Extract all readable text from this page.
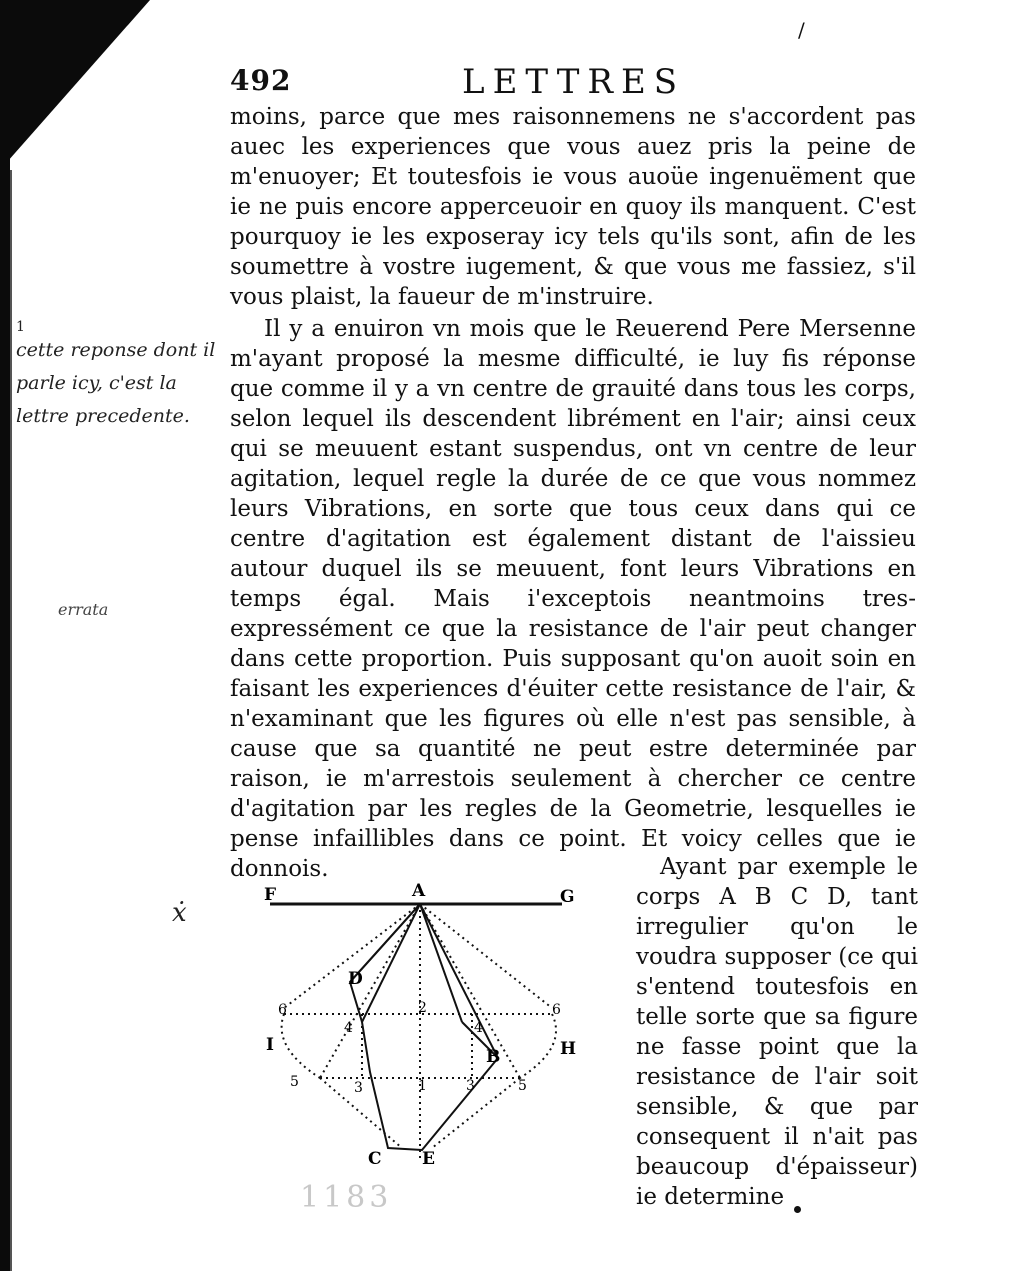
492	LETTRES
/

moins, parce que mes raisonnemens ne s'accordent pas auec les experiences que vous auez pris la peine de m'enuoyer; Et toutesfois ie vous auoüe ingenuëment que ie ne puis encore apperceuoir en quoy ils manquent. C'est pourquoy ie les exposeray icy tels qu'ils sont, afin de les soumettre à vostre iugement, & que vous me fassiez, s'il vous plaist, la faueur de m'instruire.

Il y a enuiron vn mois que le Reuerend Pere Mersenne m'ayant proposé la mesme difficulté, ie luy fis réponse que comme il y a vn centre de grauité dans tous les corps, selon lequel ils descendent librément en l'air; ainsi ceux qui se meuuent estant suspendus, ont vn centre de leur agitation, lequel regle la durée de ce que vous nommez leurs Vibrations, en sorte que tous ceux dans qui ce centre d'agitation est également distant de l'aissieu autour duquel ils se meuuent, font leurs Vibrations en temps égal. Mais i'exceptois neantmoins tres-expressément ce que la resistance de l'air peut changer dans cette proportion. Puis supposant qu'on auoit soin en faisant les experiences d'éuiter cette resistance de l'air, & n'examinant que les figures où elle n'est pas sensible, à cause que sa quantité ne peut estre determinée par raison, ie m'arrestois seulement à chercher ce centre d'agitation par les regles de la Geometrie, lesquelles ie pense infaillibles dans ce point. Et voicy celles que ie donnois.

1
cette reponse dont il parle icy, c'est la lettre precedente.
errata
ẋ
F	A	G
D
I	H
B
C E
2
4	4
6	6
1
3	3
5	5

Ayant par exemple le corps A B C D, tant irregulier qu'on le voudra supposer (ce qui s'entend toutesfois en telle sorte que sa figure ne fasse point que la resistance de l'air soit sensible, & que par consequent il n'ait pas beaucoup d'épaisseur) ie determine

1183
